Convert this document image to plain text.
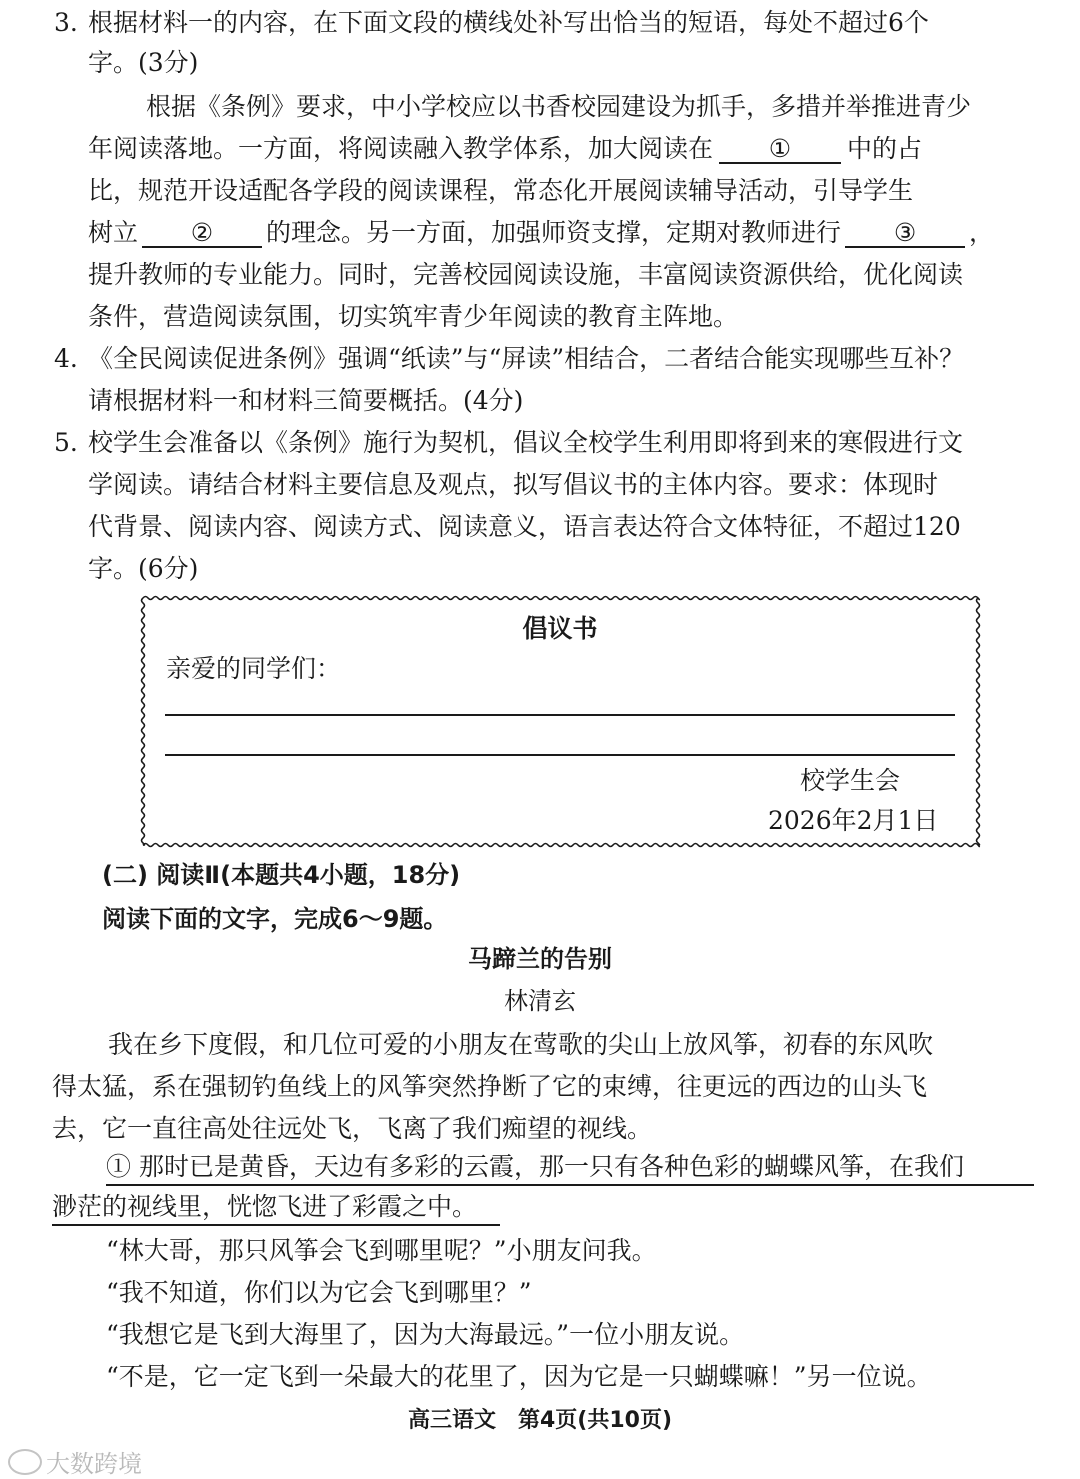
3. 根据材料一的内容，在下面文段的横线处补写出恰当的短语，每处不超过6个
字。(3分)
根据《条例》要求，中小学校应以书香校园建设为抓手，多措并举推进青少
年阅读落地。一方面，将阅读融入教学体系，加大阅读在 ① 中的占
比，规范开设适配各学段的阅读课程，常态化开展阅读辅导活动，引导学生
树立 ② 的理念。另一方面，加强师资支撑，定期对教师进行 ③ ，
提升教师的专业能力。同时，完善校园阅读设施，丰富阅读资源供给，优化阅读
条件，营造阅读氛围，切实筑牢青少年阅读的教育主阵地。
4. 《全民阅读促进条例》强调“纸读”与“屏读”相结合，二者结合能实现哪些互补？
请根据材料一和材料三简要概括。(4分)
5. 校学生会准备以《条例》施行为契机，倡议全校学生利用即将到来的寒假进行文
学阅读。请结合材料主要信息及观点，拟写倡议书的主体内容。要求：体现时
代背景、阅读内容、阅读方式、阅读意义，语言表达符合文体特征，不超过120
字。(6分)
倡议书
亲爱的同学们：
校学生会
2026年2月1日
(二) 阅读Ⅱ(本题共4小题，18分)
阅读下面的文字，完成6～9题。
马蹄兰的告别
林清玄
我在乡下度假，和几位可爱的小朋友在莺歌的尖山上放风筝，初春的东风吹
得太猛，系在强韧钓鱼线上的风筝突然挣断了它的束缚，往更远的西边的山头飞
去，它一直往高处往远处飞，飞离了我们痴望的视线。
① 那时已是黄昏，天边有多彩的云霞，那一只有各种色彩的蝴蝶风筝，在我们
渺茫的视线里，恍惚飞进了彩霞之中。
“林大哥，那只风筝会飞到哪里呢？”小朋友问我。
“我不知道，你们以为它会飞到哪里？”
“我想它是飞到大海里了，因为大海最远。”一位小朋友说。
“不是，它一定飞到一朵最大的花里了，因为它是一只蝴蝶嘛！”另一位说。
高三语文　第4页(共10页)
大数跨境
